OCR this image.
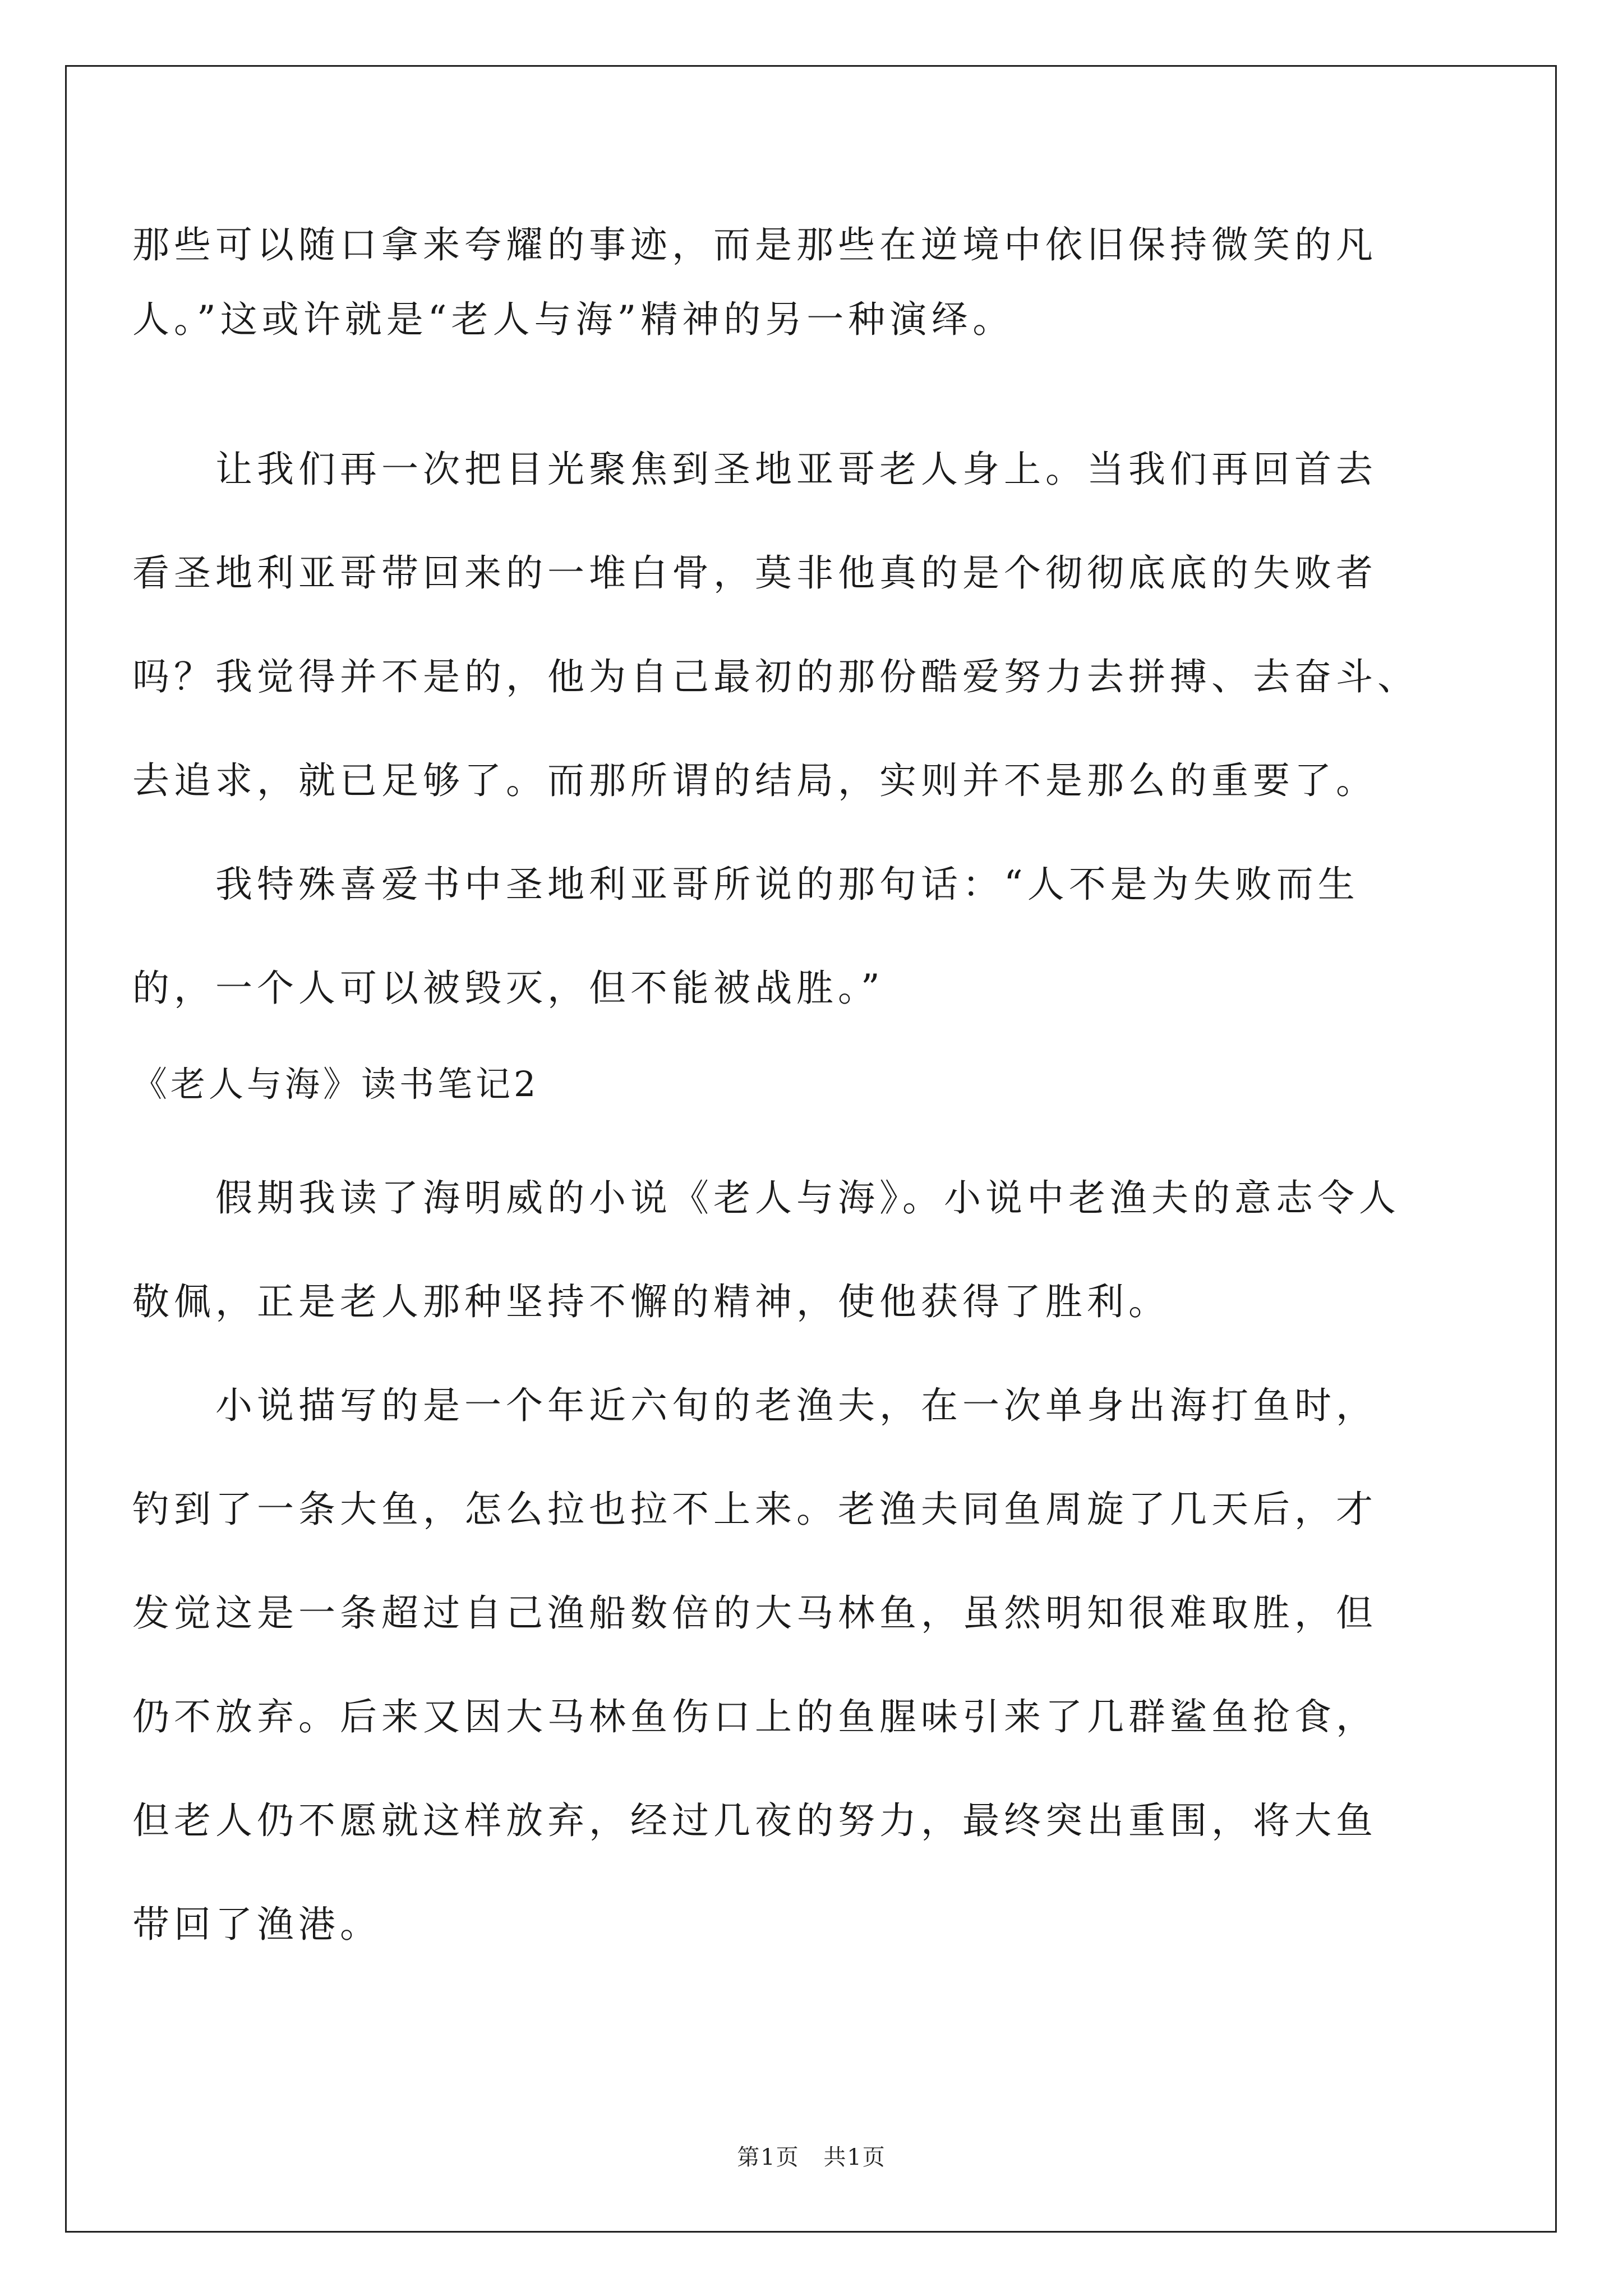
那些可以随口拿来夸耀的事迹，而是那些在逆境中依旧保持微笑的凡
人。”这或许就是“老人与海”精神的另一种演绎。
让我们再一次把目光聚焦到圣地亚哥老人身上。当我们再回首去
看圣地利亚哥带回来的一堆白骨，莫非他真的是个彻彻底底的失败者
吗？我觉得并不是的，他为自己最初的那份酷爱努力去拼搏、去奋斗、
去追求，就已足够了。而那所谓的结局，实则并不是那么的重要了。
我特殊喜爱书中圣地利亚哥所说的那句话：“人不是为失败而生
的，一个人可以被毁灭，但不能被战胜。”
《老人与海》读书笔记2
假期我读了海明威的小说《老人与海》。小说中老渔夫的意志令人
敬佩，正是老人那种坚持不懈的精神，使他获得了胜利。
小说描写的是一个年近六旬的老渔夫，在一次单身出海打鱼时，
钓到了一条大鱼，怎么拉也拉不上来。老渔夫同鱼周旋了几天后，才
发觉这是一条超过自己渔船数倍的大马林鱼，虽然明知很难取胜，但
仍不放弃。后来又因大马林鱼伤口上的鱼腥味引来了几群鲨鱼抢食，
但老人仍不愿就这样放弃，经过几夜的努力，最终突出重围，将大鱼
带回了渔港。
第1页 共1页
